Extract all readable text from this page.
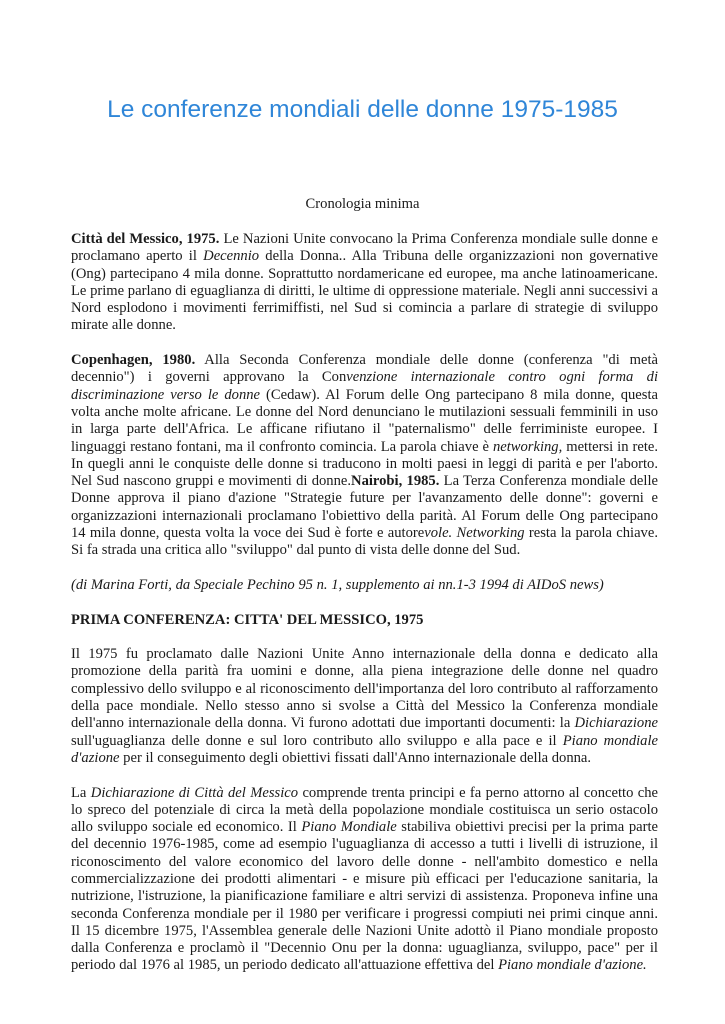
Le conferenze mondiali delle donne 1975-1985
Cronologia minima

Città del Messico, 1975. Le Nazioni Unite convocano la Prima Conferenza mondiale sulle donne e proclamano aperto il Decennio della Donna.. Alla Tribuna delle organizzazioni non governative (Ong) partecipano 4 mila donne. Soprattutto nordamericane ed europee, ma anche latinoamericane. Le prime parlano di eguaglianza di diritti, le ultime di oppressione materiale. Negli anni successivi a Nord esplodono i movimenti ferrimiffisti, nel Sud si comincia a parlare di strategie di sviluppo mirate alle donne.

Copenhagen, 1980. Alla Seconda Conferenza mondiale delle donne (conferenza "di metà decennio") i governi approvano la Convenzione internazionale contro ogni forma di discriminazione verso le donne (Cedaw). Al Forum delle Ong partecipano 8 mila donne, questa volta anche molte africane. Le donne del Nord denunciano le mutilazioni sessuali femminili in uso in larga parte dell'Africa. Le afficane rifiutano il "paternalismo" delle ferriministe europee. I linguaggi restano fontani, ma il confronto comincia. La parola chiave è networking, mettersi in rete. In quegli anni le conquiste delle donne si traducono in molti paesi in leggi di parità e per l'aborto. Nel Sud nascono gruppi e movimenti di donne.Nairobi, 1985. La Terza Conferenza mondiale delle Donne approva il piano d'azione "Strategie future per l'avanzamento delle donne": governi e organizzazioni internazionali proclamano l'obiettivo della parità. Al Forum delle Ong partecipano 14 mila donne, questa volta la voce dei Sud è forte e autorevole. Networking resta la parola chiave. Si fa strada una critica allo "sviluppo" dal punto di vista delle donne del Sud.

(di Marina Forti, da Speciale Pechino 95 n. 1, supplemento ai nn.1-3 1994 di AIDoS news)

PRIMA CONFERENZA: CITTA' DEL MESSICO, 1975

Il 1975 fu proclamato dalle Nazioni Unite Anno internazionale della donna e dedicato alla promozione della parità fra uomini e donne, alla piena integrazione delle donne nel quadro complessivo dello sviluppo e al riconoscimento dell'importanza del loro contributo al rafforzamento della pace mondiale. Nello stesso anno si svolse a Città del Messico la Conferenza mondiale dell'anno internazionale della donna. Vi furono adottati due importanti documenti: la Dichiarazione sull'uguaglianza delle donne e sul loro contributo allo sviluppo e alla pace e il Piano mondiale d'azione per il conseguimento degli obiettivi fissati dall'Anno internazionale della donna.

La Dichiarazione di Città del Messico comprende trenta principi e fa perno attorno al concetto che lo spreco del potenziale di circa la metà della popolazione mondiale costituisca un serio ostacolo allo sviluppo sociale ed economico. Il Piano Mondiale stabiliva obiettivi precisi per la prima parte del decennio 1976-1985, come ad esempio l'uguaglianza di accesso a tutti i livelli di istruzione, il riconoscimento del valore economico del lavoro delle donne - nell'ambito domestico e nella commercializzazione dei prodotti alimentari - e misure più efficaci per l'educazione sanitaria, la nutrizione, l'istruzione, la pianificazione familiare e altri servizi di assistenza. Proponeva infine una seconda Conferenza mondiale per il 1980 per verificare i progressi compiuti nei primi cinque anni. Il 15 dicembre 1975, l'Assemblea generale delle Nazioni Unite adottò il Piano mondiale proposto dalla Conferenza e proclamò il "Decennio Onu per la donna: uguaglianza, sviluppo, pace" per il periodo dal 1976 al 1985, un periodo dedicato all'attuazione effettiva del Piano mondiale d'azione.
